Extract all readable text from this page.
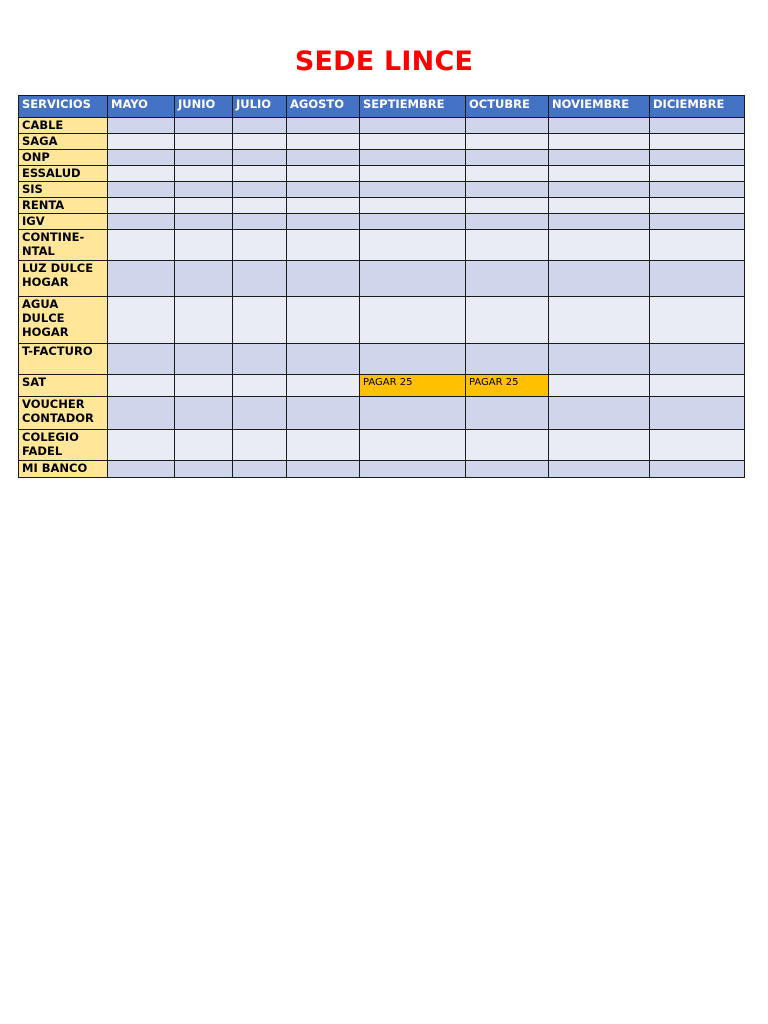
SEDE LINCE
SERVICIOS	MAYO	JUNIO	JULIO	AGOSTO	SEPTIEMBRE	OCTUBRE	NOVIEMBRE	DICIEMBRE
CABLE								
SAGA								
ONP								
ESSALUD								
SIS								
RENTA								
IGV								
CONTINE-
NTAL								
LUZ DULCE HOGAR								
AGUA DULCE HOGAR								
T-FACTURO								
SAT					PAGAR 25	PAGAR 25		
VOUCHER CONTADOR								
COLEGIO FADEL								
MI BANCO								
